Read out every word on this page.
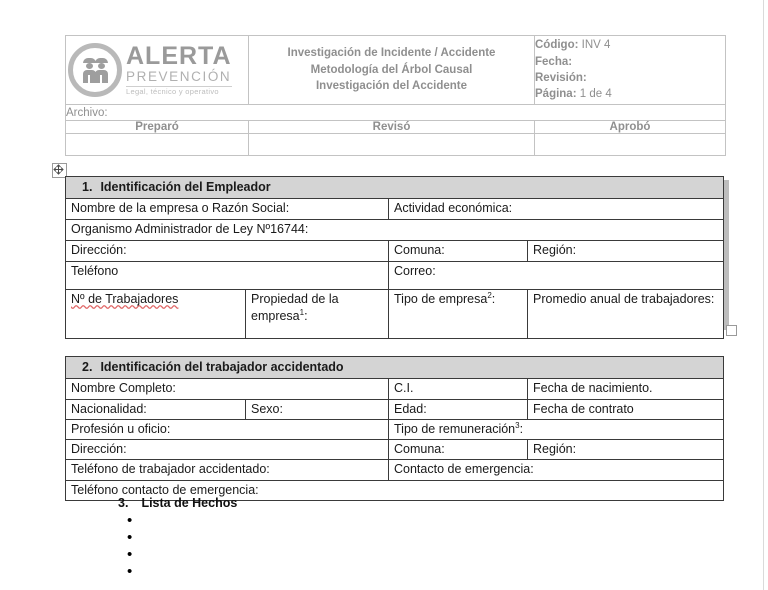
ALERTA
PREVENCIÓN
Legal, técnico y operativo

Investigación de Incidente / Accidente
Metodología del Árbol Causal
Investigación del Accidente

Código: INV 4
Fecha:
Revisión:
Página: 1 de 4

Archivo:		
Preparó	Revisó	Aprobó

1. Identificación del Empleador			
Nombre de la empresa o Razón Social:		Actividad económica:	
Organismo Administrador de Ley Nº16744:			
Dirección:		Comuna:	Región:
Teléfono		Correo:	
Nº de Trabajadores	Propiedad de la empresa$^1$:	Tipo de empresa$^2$:	Promedio anual de trabajadores:
2. Identificación del trabajador accidentado			
Nombre Completo:		C.I.	Fecha de nacimiento.
Nacionalidad:	Sexo:	Edad:	Fecha de contrato
Profesión u oficio:		Tipo de remuneración$^3$:	
Dirección:		Comuna:	Región:
Teléfono de trabajador accidentado:		Contacto de emergencia:	
Teléfono contacto de emergencia:			
3. Lista de Hechos
•
•
•
•
